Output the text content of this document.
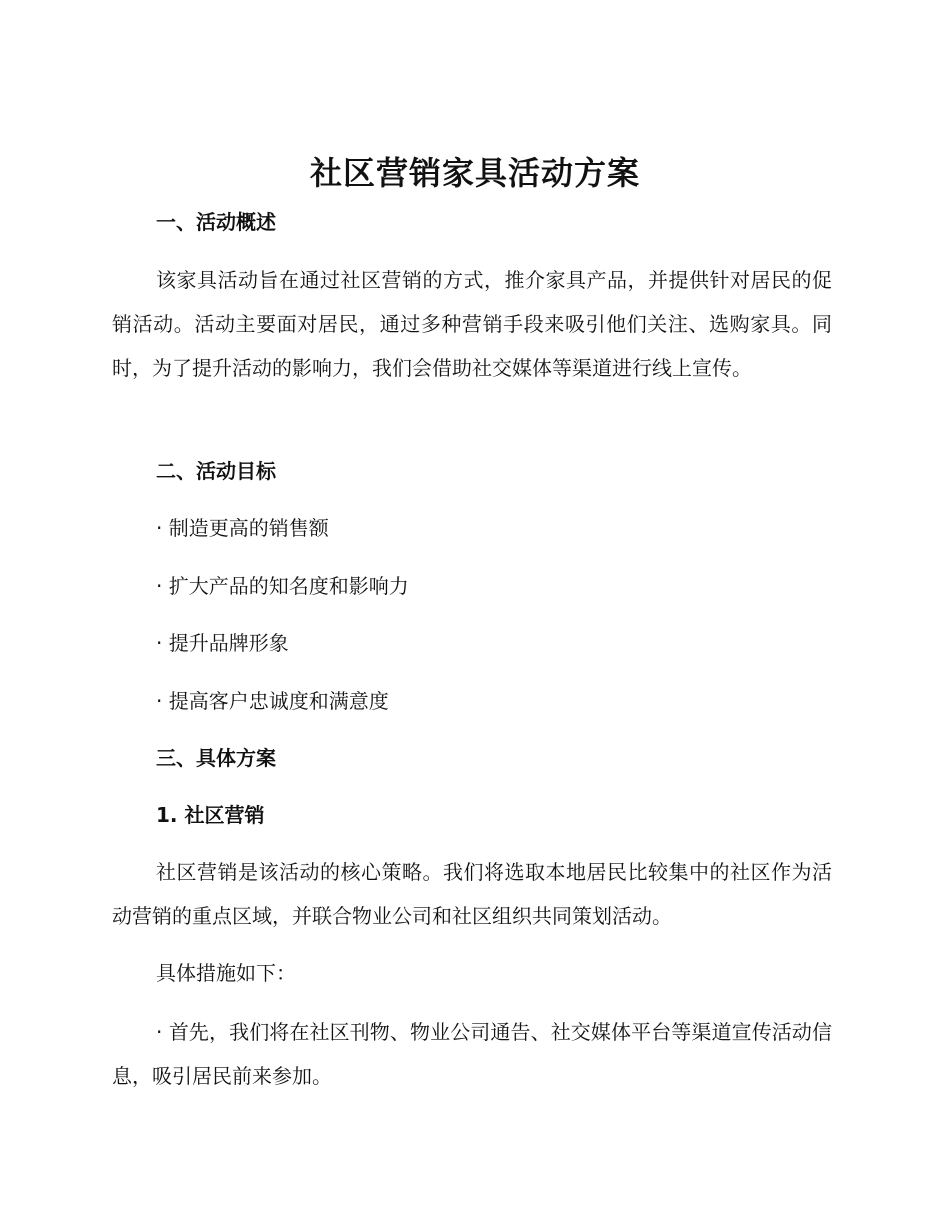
社区营销家具活动方案
一、活动概述

该家具活动旨在通过社区营销的方式，推介家具产品，并提供针对居民的促销活动。活动主要面对居民，通过多种营销手段来吸引他们关注、选购家具。同时，为了提升活动的影响力，我们会借助社交媒体等渠道进行线上宣传。

二、活动目标
· 制造更高的销售额
· 扩大产品的知名度和影响力
· 提升品牌形象
· 提高客户忠诚度和满意度
三、具体方案
1. 社区营销

社区营销是该活动的核心策略。我们将选取本地居民比较集中的社区作为活动营销的重点区域，并联合物业公司和社区组织共同策划活动。

具体措施如下：

· 首先，我们将在社区刊物、物业公司通告、社交媒体平台等渠道宣传活动信息，吸引居民前来参加。
